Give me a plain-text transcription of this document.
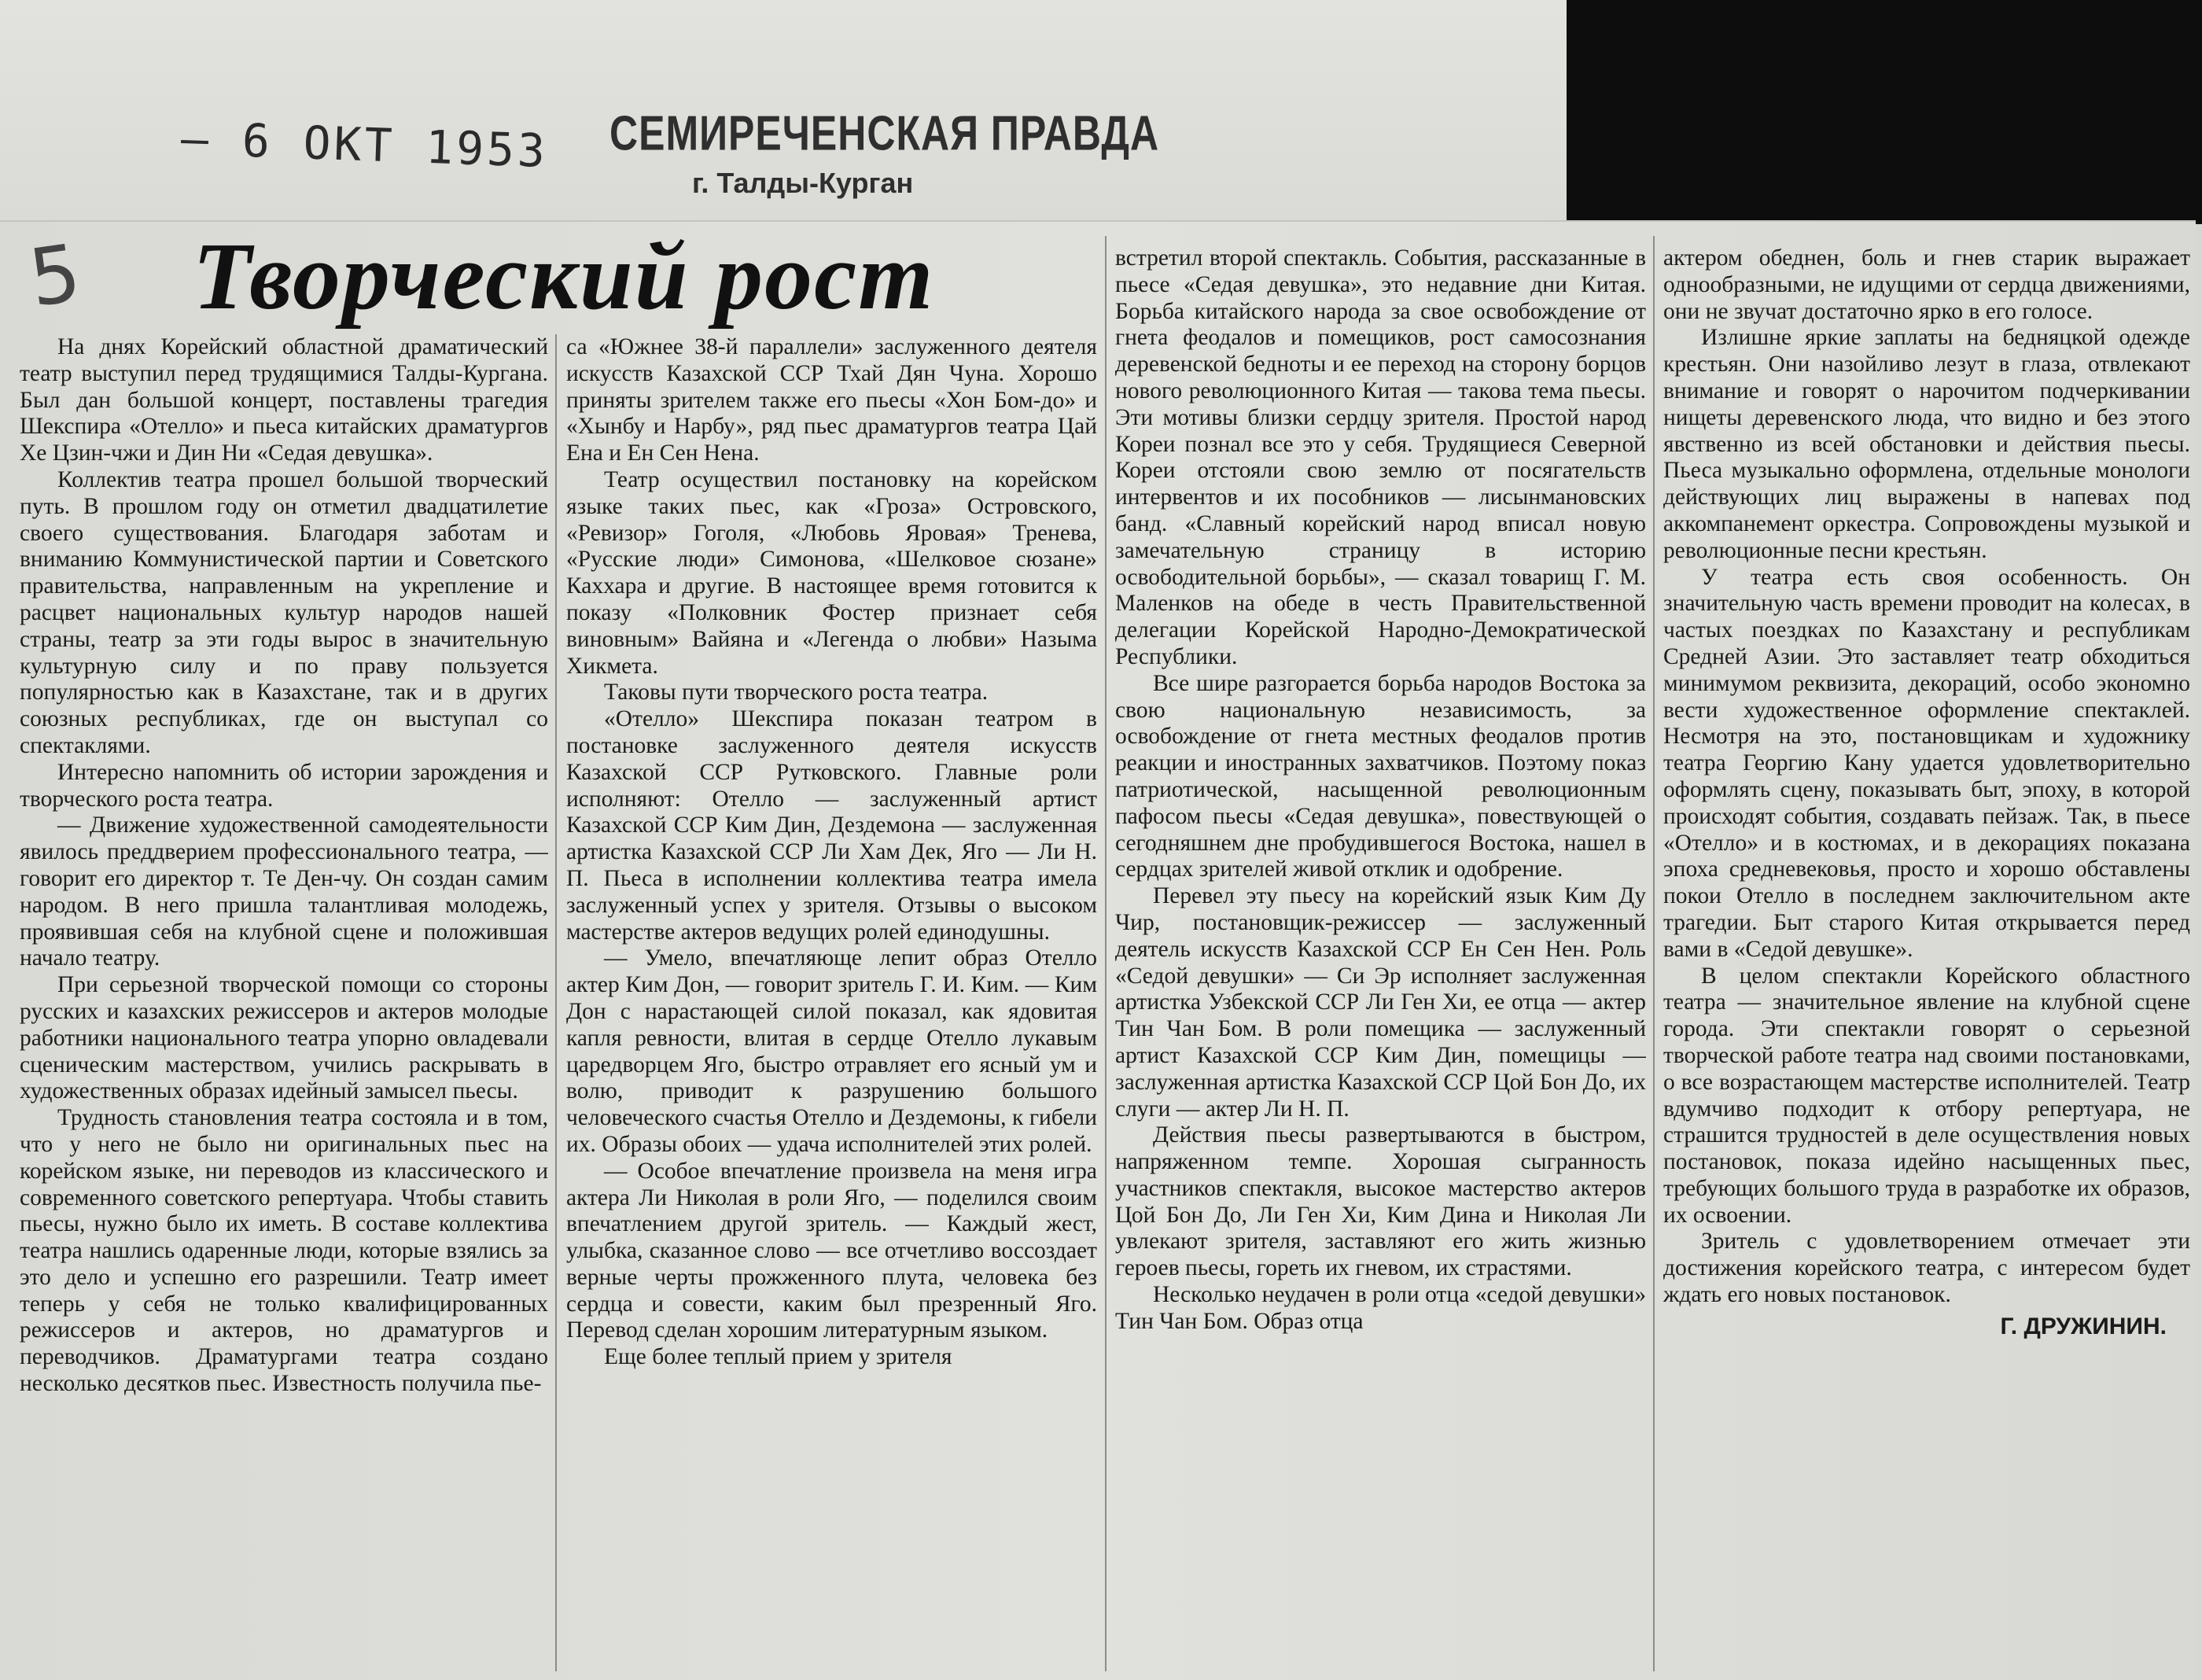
– 6 ОКТ 1953 СЕМИРЕЧЕНСКАЯ ПРАВДА
г. Талды-Курган
5 Творческий рост

На днях Корейский областной драматический театр выступил перед трудящимися Талды-Кургана. Был дан большой концерт, поставлены трагедия Шекспира «Отелло» и пьеса китайских драматургов Хе Цзин-чжи и Дин Ни «Седая девушка».

Коллектив театра прошел большой творческий путь. В прошлом году он отметил двадцатилетие своего существования. Благодаря заботам и вниманию Коммунистической партии и Советского правительства, направленным на укрепление и расцвет национальных культур народов нашей страны, театр за эти годы вырос в значительную культурную силу и по праву пользуется популярностью как в Казахстане, так и в других союзных республиках, где он выступал со спектаклями.

Интересно напомнить об истории зарождения и творческого роста театра.

— Движение художественной самодеятельности явилось преддверием профессионального театра, — говорит его директор т. Те Ден-чу. Он создан самим народом. В него пришла талантливая молодежь, проявившая себя на клубной сцене и положившая начало театру.

При серьезной творческой помощи со стороны русских и казахских режиссеров и актеров молодые работники национального театра упорно овладевали сценическим мастерством, учились раскрывать в художественных образах идейный замысел пьесы.

Трудность становления театра состояла и в том, что у него не было ни оригинальных пьес на корейском языке, ни переводов из классического и современного советского репертуара. Чтобы ставить пьесы, нужно было их иметь. В составе коллектива театра нашлись одаренные люди, которые взялись за это дело и успешно его разрешили. Театр имеет теперь у себя не только квалифицированных режиссеров и актеров, но драматургов и переводчиков. Драматургами театра создано несколько десятков пьес. Известность получила пье-

са «Южнее 38-й параллели» заслуженного деятеля искусств Казахской ССР Тхай Дян Чуна. Хорошо приняты зрителем также его пьесы «Хон Бом-до» и «Хынбу и Нарбу», ряд пьес драматургов театра Цай Ена и Ен Сен Нена.

Театр осуществил постановку на корейском языке таких пьес, как «Гроза» Островского, «Ревизор» Гоголя, «Любовь Яровая» Тренева, «Русские люди» Симонова, «Шелковое сюзане» Каххара и другие. В настоящее время готовится к показу «Полковник Фостер признает себя виновным» Вайяна и «Легенда о любви» Назыма Хикмета.

Таковы пути творческого роста театра.

«Отелло» Шекспира показан театром в постановке заслуженного деятеля искусств Казахской ССР Рутковского. Главные роли исполняют: Отелло — заслуженный артист Казахской ССР Ким Дин, Дездемона — заслуженная артистка Казахской ССР Ли Хам Дек, Яго — Ли Н. П. Пьеса в исполнении коллектива театра имела заслуженный успех у зрителя. Отзывы о высоком мастерстве актеров ведущих ролей единодушны.

— Умело, впечатляюще лепит образ Отелло актер Ким Дон, — говорит зритель Г. И. Ким. — Ким Дон с нарастающей силой показал, как ядовитая капля ревности, влитая в сердце Отелло лукавым царедворцем Яго, быстро отравляет его ясный ум и волю, приводит к разрушению большого человеческого счастья Отелло и Дездемоны, к гибели их. Образы обоих — удача исполнителей этих ролей.

— Особое впечатление произвела на меня игра актера Ли Николая в роли Яго, — поделился своим впечатлением другой зритель. — Каждый жест, улыбка, сказанное слово — все отчетливо воссоздает верные черты прожженного плута, человека без сердца и совести, каким был презренный Яго. Перевод сделан хорошим литературным языком.

Еще более теплый прием у зрителя

встретил второй спектакль. События, рассказанные в пьесе «Седая девушка», это недавние дни Китая. Борьба китайского народа за свое освобождение от гнета феодалов и помещиков, рост самосознания деревенской бедноты и ее переход на сторону борцов нового революционного Китая — такова тема пьесы. Эти мотивы близки сердцу зрителя. Простой народ Кореи познал все это у себя. Трудящиеся Северной Кореи отстояли свою землю от посягательств интервентов и их пособников — лисынмановских банд. «Славный корейский народ вписал новую замечательную страницу в историю освободительной борьбы», — сказал товарищ Г. М. Маленков на обеде в честь Правительственной делегации Корейской Народно-Демократической Республики.

Все шире разгорается борьба народов Востока за свою национальную независимость, за освобождение от гнета местных феодалов против реакции и иностранных захватчиков. Поэтому показ патриотической, насыщенной революционным пафосом пьесы «Седая девушка», повествующей о сегодняшнем дне пробудившегося Востока, нашел в сердцах зрителей живой отклик и одобрение.

Перевел эту пьесу на корейский язык Ким Ду Чир, постановщик-режиссер — заслуженный деятель искусств Казахской ССР Ен Сен Нен. Роль «Седой девушки» — Си Эр исполняет заслуженная артистка Узбекской ССР Ли Ген Хи, ее отца — актер Тин Чан Бом. В роли помещика — заслуженный артист Казахской ССР Ким Дин, помещицы — заслуженная артистка Казахской ССР Цой Бон До, их слуги — актер Ли Н. П.

Действия пьесы развертываются в быстром, напряженном темпе. Хорошая сыгранность участников спектакля, высокое мастерство актеров Цой Бон До, Ли Ген Хи, Ким Дина и Николая Ли увлекают зрителя, заставляют его жить жизнью героев пьесы, гореть их гневом, их страстями.

Несколько неудачен в роли отца «седой девушки» Тин Чан Бом. Образ отца

актером обеднен, боль и гнев старик выражает однообразными, не идущими от сердца движениями, они не звучат достаточно ярко в его голосе.

Излишне яркие заплаты на бедняцкой одежде крестьян. Они назойливо лезут в глаза, отвлекают внимание и говорят о нарочитом подчеркивании нищеты деревенского люда, что видно и без этого явственно из всей обстановки и действия пьесы. Пьеса музыкально оформлена, отдельные монологи действующих лиц выражены в напевах под аккомпанемент оркестра. Сопровождены музыкой и революционные песни крестьян.

У театра есть своя особенность. Он значительную часть времени проводит на колесах, в частых поездках по Казахстану и республикам Средней Азии. Это заставляет театр обходиться минимумом реквизита, декораций, особо экономно вести художественное оформление спектаклей. Несмотря на это, постановщикам и художнику театра Георгию Кану удается удовлетворительно оформлять сцену, показывать быт, эпоху, в которой происходят события, создавать пейзаж. Так, в пьесе «Отелло» и в костюмах, и в декорациях показана эпоха средневековья, просто и хорошо обставлены покои Отелло в последнем заключительном акте трагедии. Быт старого Китая открывается перед вами в «Седой девушке».

В целом спектакли Корейского областного театра — значительное явление на клубной сцене города. Эти спектакли говорят о серьезной творческой работе театра над своими постановками, о все возрастающем мастерстве исполнителей. Театр вдумчиво подходит к отбору репертуара, не страшится трудностей в деле осуществления новых постановок, показа идейно насыщенных пьес, требующих большого труда в разработке их образов, их освоении.

Зритель с удовлетворением отмечает эти достижения корейского театра, с интересом будет ждать его новых постановок.

Г. ДРУЖИНИН.
